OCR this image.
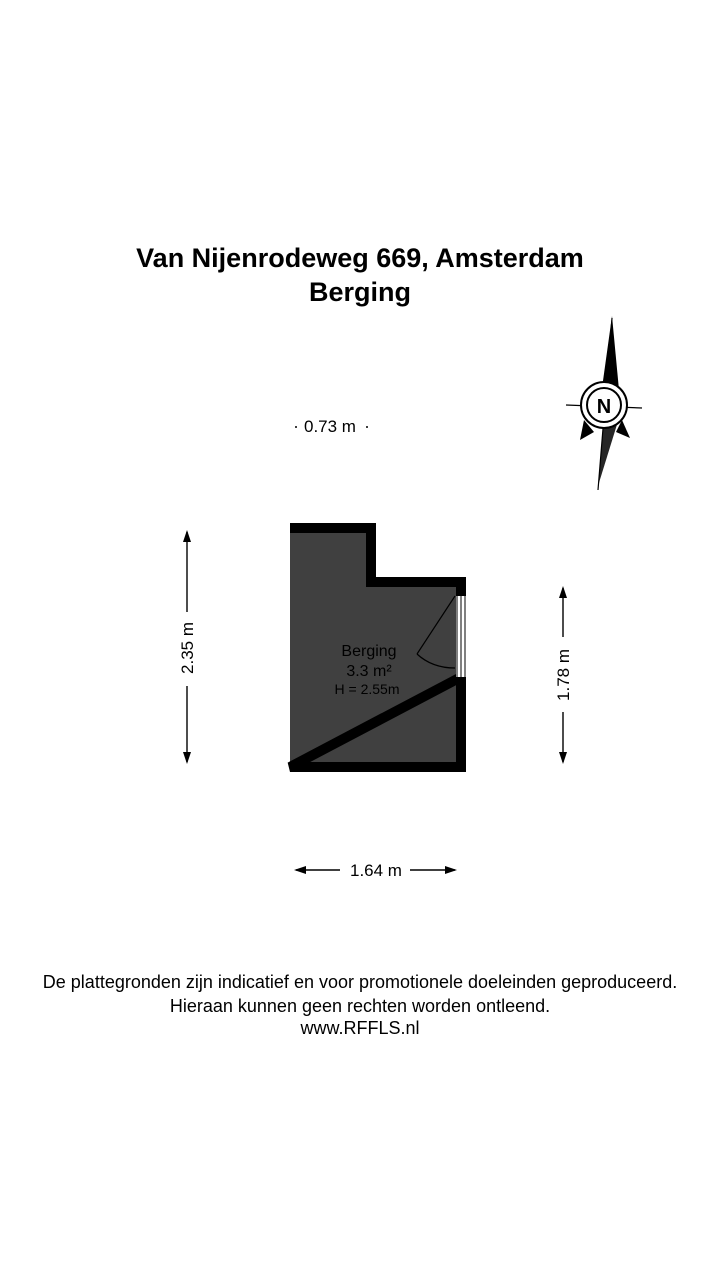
Van Nijenrodeweg 669, Amsterdam
Berging
N
0.73 m
2.35 m
1.78 m
1.64 m
Berging
3.3 m²
H = 2.55m
De plattegronden zijn indicatief en voor promotionele doeleinden geproduceerd.
Hieraan kunnen geen rechten worden ontleend.
www.RFFLS.nl
